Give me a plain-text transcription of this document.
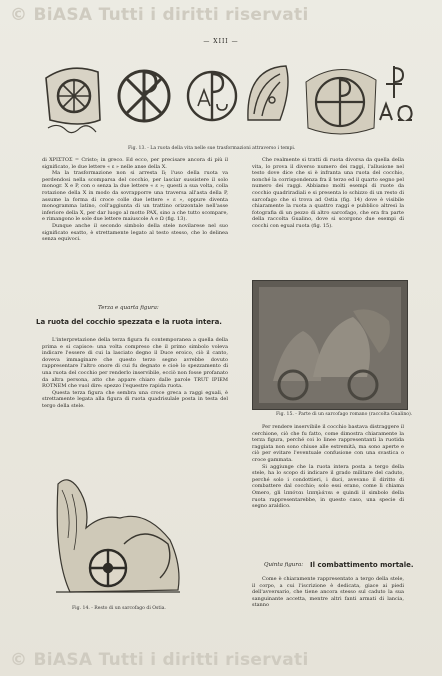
© BiASA Tutti i diritti riservati
— XIII —
Fig. 13. - La ruota della vita nelle sue trasformazioni attraverso i tempi.

di ΧΡΙΣΤΟΣ = Cristo; in greco. Ed ecco, per precisare ancora di più il significato, le due lettere « ε » nelle anse della X.

Ma la trasformazione non si arresta lì; l'uso della ruota va perdendosi nella scomparsa del cocchio, per lasciar sussistere il solo monogr. X e P, con o senza la due lettere « ε »; questi a sua volta, colla rotazione della X in modo da sovrapporre una traversa all'asta della P, assume la forma di croce colle due lettere « ε », oppure diventa monogramma latino, coll'aggiunta di un trattino orizzontale nell'asse inferiore della X, per dar luogo al motto PAX, sino a che tutto scompare, e rimangono le sole due lettere maiuscole A e Ω (fig. 13).

Dunque anche il secondo simbolo della stele novilarese nel suo significato esatto, è strettamente legato al testo stesso, che lo delinea senza equivoci.

Terza e quarta figura:
La ruota del cocchio spezzata e la ruota intera.

L'interpretazione della terza figura fu contemporanea a quella della prima e si capisce: una volta compreso che il primo simbolo voleva indicare l'essere di cui la lasciato degno il Duce eroico, ciò il canto, doveva immaginare che questo terzo segno avrebbe dovuto rappresentare l'altro onore di cui fu degnato e cioè lo spezzamento di una ruota del cocchio per renderlo inservibile, ecciò non fosse profanato da altra persona, atto che appare chiaro dalle parole TRUT IPIEM ROTNEM che vuol dire: spezzo l'equestre rapida ruota.

Questa terza figura che sembra una croce greca a raggi eguali, è strettamente legata alla figura di ruota quadrisulale posta in testa del tergo della stele.

Fig. 14. - Resto di un sarcofago di Ostia.

Che realmente si tratti di ruota divorsa da quella della vita, lo prova il diverso numero dei raggi, l'allusione nel testo dove dice che si è infranta una ruota del cocchio, nonché la corrispondenza fra il terzo ed il quarto segno pel numero dei raggi. Abbiamo molti esempi di ruote da cocchio quadriradiali e si presenta lo schizzo di un resto di sarcofago che si trova ad Ostia (fig. 14) dove è visibile chiaramente la ruota a quattro raggi e pubblico altresì la fotografia di un pezzo di altro sarcofago, che era fra parte della raccolta Gualino, dove si scorgono due esempi di cocchi con egual ruota (fig. 15).

Fig. 15. - Parte di un sarcofago romano (raccolta Gualino).

Per rendere inservibile il cocchio bastava distraggere il cerchione, ciò che fu fatto, come dimostra chiaramente la terza figura, perché coi lo linee rappresentanti la ruotida raggiata non sono chiuse alle estremità, ma sono aperte e ciò per evitare l'eventuale confusione con una svastica o croce gammata.

Si aggiunge che la ruota intera posta a tergo della stele, ha lo scopo di indicare il grado militare del caduto, perché solo i condottieri, i duci, avevano il diritto di combattere dal cocchio; solo essi erano, come li chiama Omero, gli ἱππόται ἱππηλάται e quindi il simbolo della ruota rappresentarebbe, in questo caso, una specie di segno araldico.

Quinta figura: Il combattimento mortale.

Come è chiaramente rappresentato a tergo della stele, il corpo, a cui l'iscrizione è dedicata, giace ai piedi dell'avversario, che tiene ancora stesso sul caduto la sua sanguinante accetta, mentre altri fanti armati di lancia, stanno

© BiASA Tutti i diritti riservati
